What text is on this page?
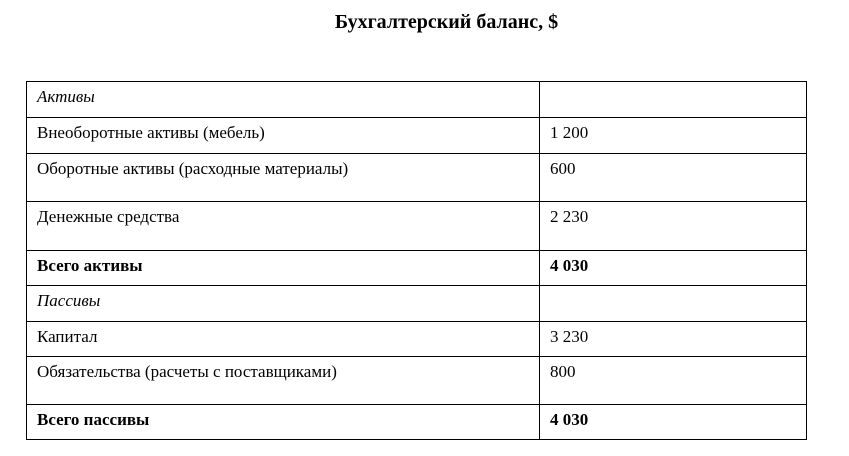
Бухгалтерский баланс, $
Активы	
Внеоборотные активы (мебель)	1 200
Оборотные активы (расходные материалы)	600
Денежные средства	2 230
Всего активы	4 030
Пассивы	
Капитал	3 230
Обязательства (расчеты с поставщиками)	800
Всего пассивы	4 030
